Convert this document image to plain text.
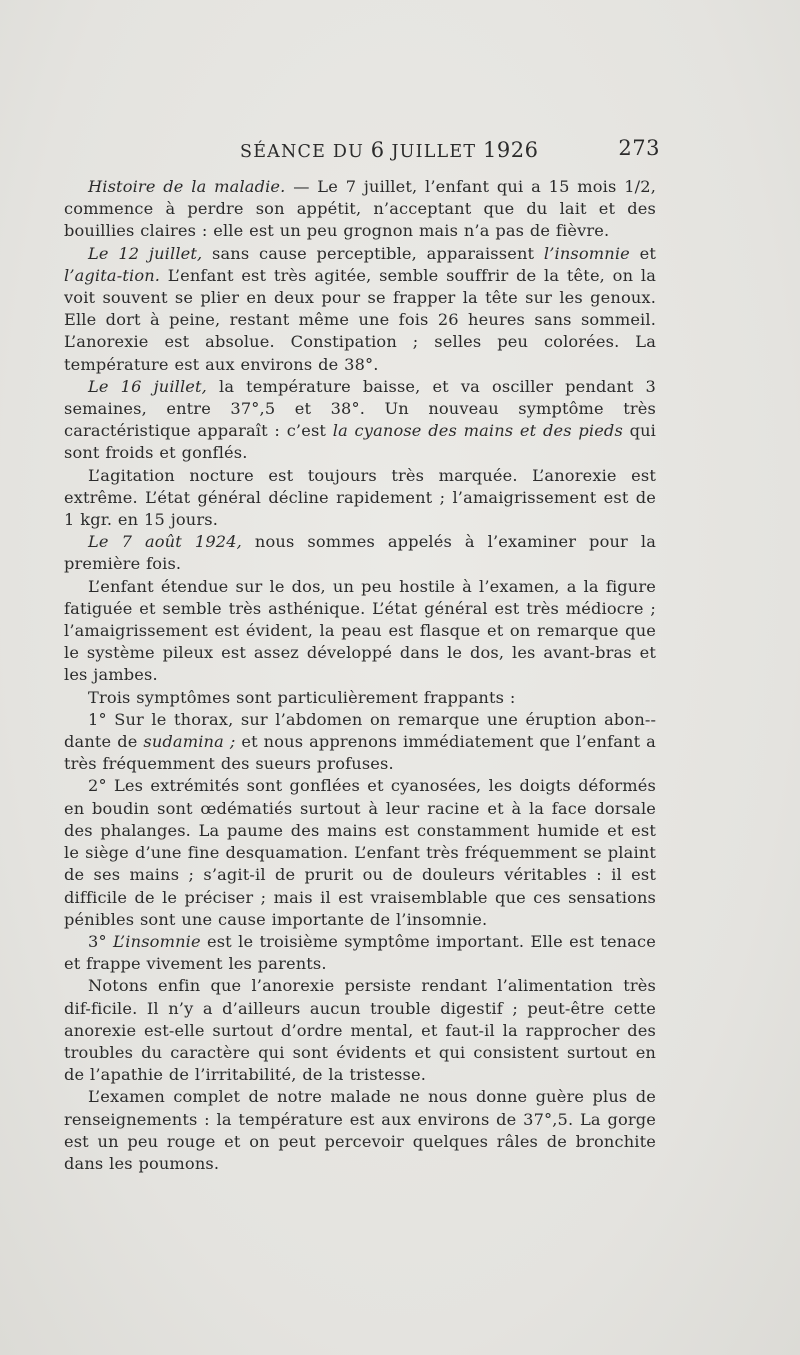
SÉANCE DU 6 JUILLET 1926	273

Histoire de la maladie. — Le 7 juillet, l’enfant qui a 15 mois 1/2, commence à perdre son appétit, n’acceptant que du lait et des bouillies claires : elle est un peu grognon mais n’a pas de fièvre.

Le 12 juillet, sans cause perceptible, apparaissent l’insomnie et l’agita-tion. L’enfant est très agitée, semble souffrir de la tête, on la voit souvent se plier en deux pour se frapper la tête sur les genoux. Elle dort à peine, restant même une fois 26 heures sans sommeil. L’anorexie est absolue. Constipation ; selles peu colorées. La température est aux environs de 38°.

Le 16 juillet, la température baisse, et va osciller pendant 3 semaines, entre 37°,5 et 38°. Un nouveau symptôme très caractéristique apparaît : c’est la cyanose des mains et des pieds qui sont froids et gonflés.

L’agitation nocture est toujours très marquée. L’anorexie est extrême. L’état général décline rapidement ; l’amaigrissement est de 1 kgr. en 15 jours.

Le 7 août 1924, nous sommes appelés à l’examiner pour la première fois.

L’enfant étendue sur le dos, un peu hostile à l’examen, a la figure fatiguée et semble très asthénique. L’état général est très médiocre ; l’amaigrissement est évident, la peau est flasque et on remarque que le système pileux est assez développé dans le dos, les avant-bras et les jambes.

Trois symptômes sont particulièrement frappants :

1° Sur le thorax, sur l’abdomen on remarque une éruption abon-dante de sudamina ; et nous apprenons immédiatement que l’enfant a très fréquemment des sueurs profuses.

2° Les extrémités sont gonflées et cyanosées, les doigts déformés en boudin sont œdématiés surtout à leur racine et à la face dorsale des phalanges. La paume des mains est constamment humide et est le siège d’une fine desquamation. L’enfant très fréquemment se plaint de ses mains ; s’agit-il de prurit ou de douleurs véritables : il est difficile de le préciser ; mais il est vraisemblable que ces sensations pénibles sont une cause importante de l’insomnie.

3° L’insomnie est le troisième symptôme important. Elle est tenace et frappe vivement les parents.

Notons enfin que l’anorexie persiste rendant l’alimentation très dif-ficile. Il n’y a d’ailleurs aucun trouble digestif ; peut-être cette anorexie est-elle surtout d’ordre mental, et faut-il la rapprocher des troubles du caractère qui sont évidents et qui consistent surtout en de l’apathie de l’irritabilité, de la tristesse.

L’examen complet de notre malade ne nous donne guère plus de renseignements : la température est aux environs de 37°,5. La gorge est un peu rouge et on peut percevoir quelques râles de bronchite dans les poumons.
